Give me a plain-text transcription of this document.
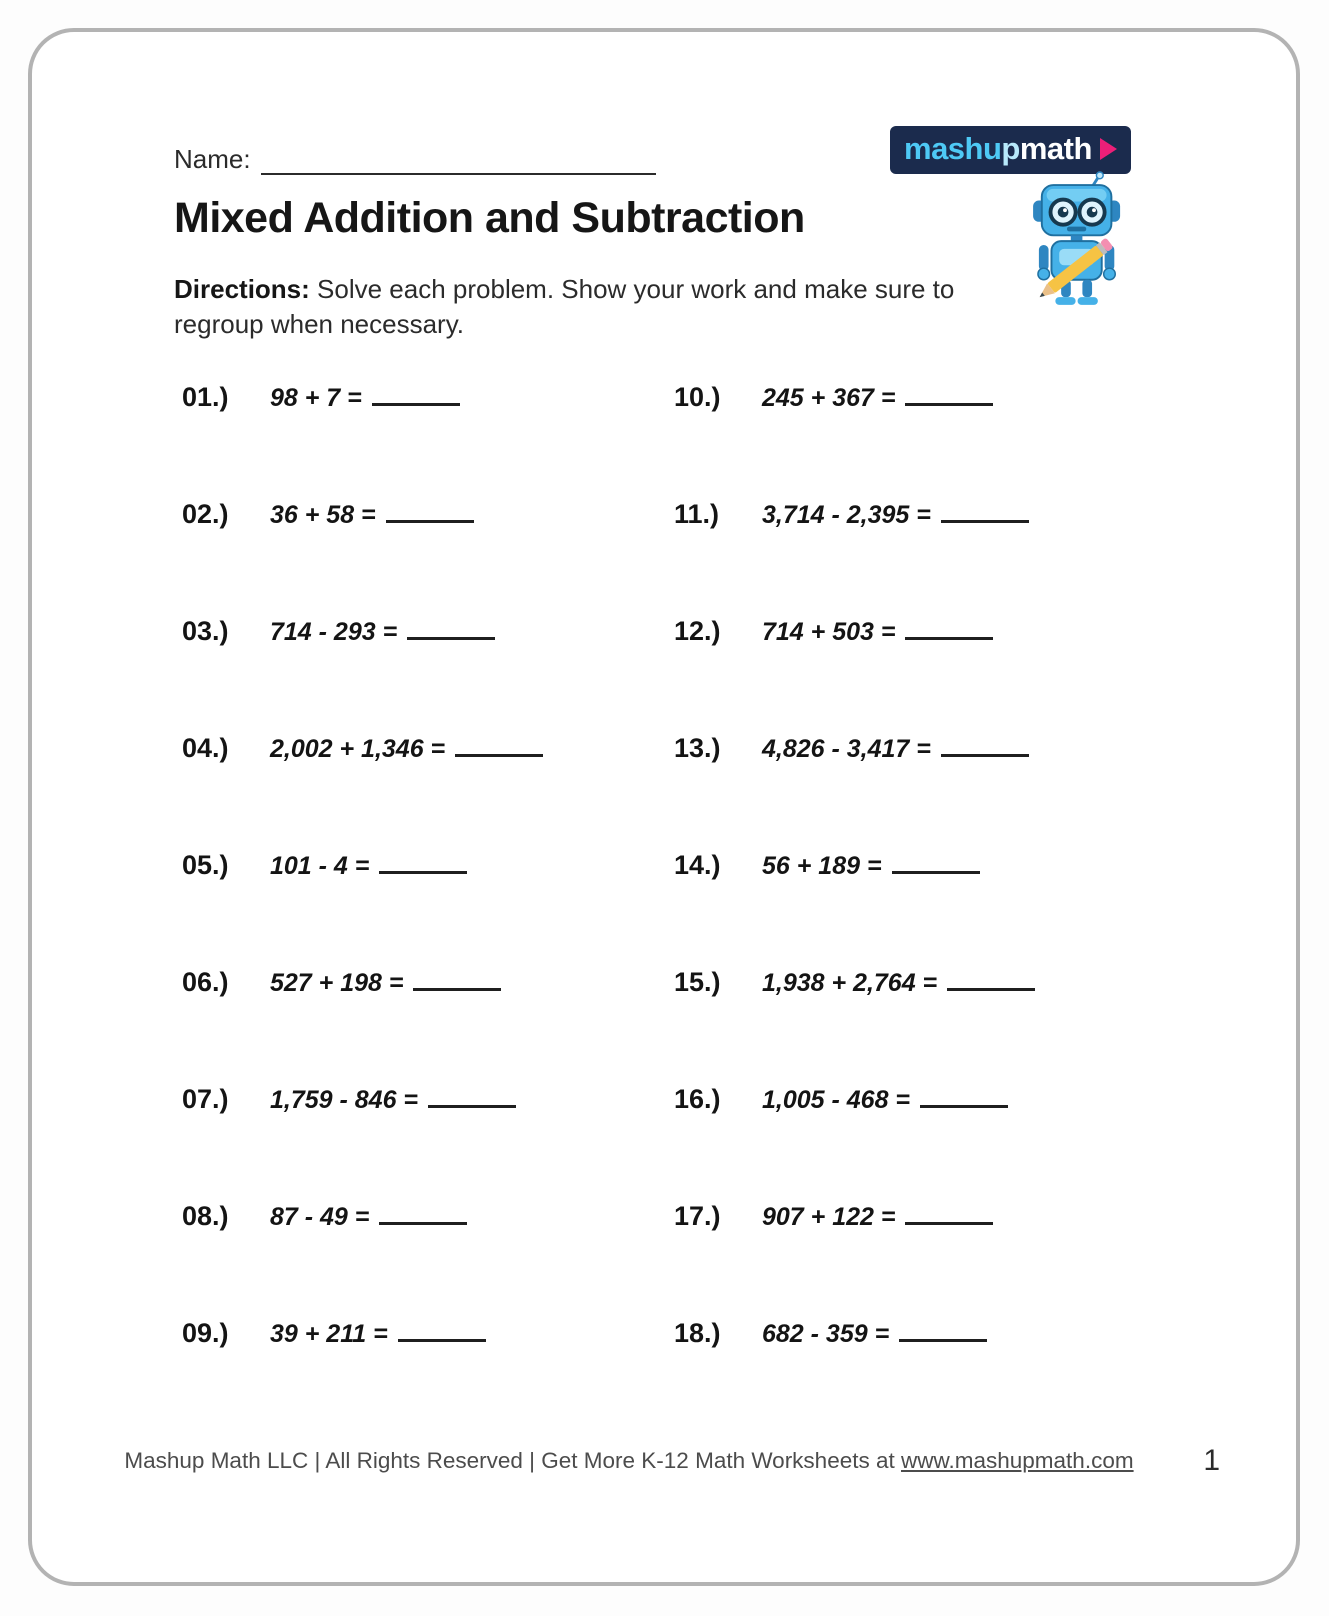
Name:	mashu p math
Mixed Addition and Subtraction

Directions: Solve each problem. Show your work and make sure to regroup when necessary.

01.)	98 + 7 =
02.)	36 + 58 =
03.)	714 - 293 =
04.)	2,002 + 1,346 =
05.)	101 - 4 =
06.)	527 + 198 =
07.)	1,759 - 846 =
08.)	87 - 49 =
09.)	39 + 211 =
10.)	245 + 367 =
11.)	3,714 - 2,395 =
12.)	714 + 503 =
13.)	4,826 - 3,417 =
14.)	56 + 189 =
15.)	1,938 + 2,764 =
16.)	1,005 - 468 =
17.)	907 + 122 =
18.)	682 - 359 =
Mashup Math LLC | All Rights Reserved | Get More K-12 Math Worksheets at www.mashupmath.com	1
